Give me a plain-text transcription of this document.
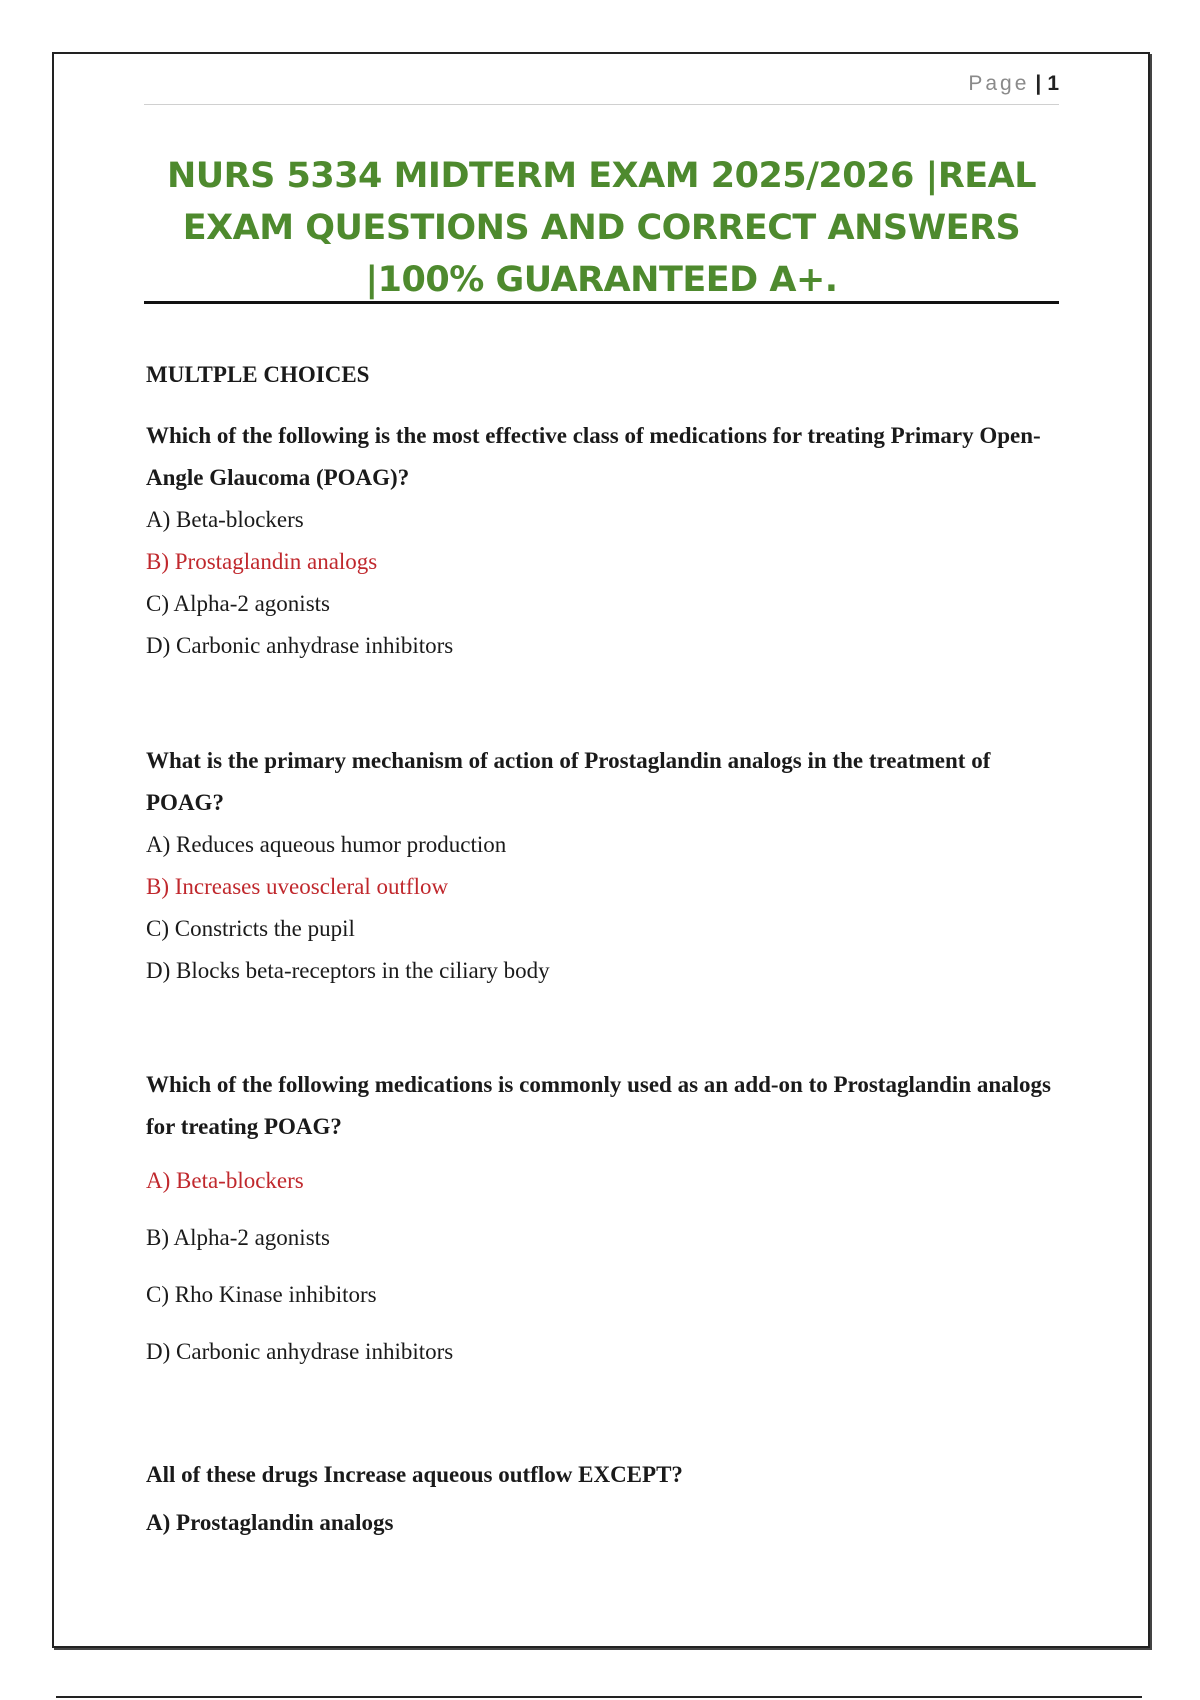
Page | 1
NURS 5334 MIDTERM EXAM 2025/2026 |REAL
EXAM QUESTIONS AND CORRECT ANSWERS
|100% GUARANTEED A+.
MULTPLE CHOICES

Which of the following is the most effective class of medications for treating Primary Open-Angle Glaucoma (POAG)?

A) Beta-blockers
B) Prostaglandin analogs
C) Alpha-2 agonists
D) Carbonic anhydrase inhibitors

What is the primary mechanism of action of Prostaglandin analogs in the treatment of POAG?

A) Reduces aqueous humor production
B) Increases uveoscleral outflow
C) Constricts the pupil
D) Blocks beta-receptors in the ciliary body

Which of the following medications is commonly used as an add-on to Prostaglandin analogs for treating POAG?

A) Beta-blockers
B) Alpha-2 agonists
C) Rho Kinase inhibitors
D) Carbonic anhydrase inhibitors

All of these drugs Increase aqueous outflow EXCEPT?

A) Prostaglandin analogs
